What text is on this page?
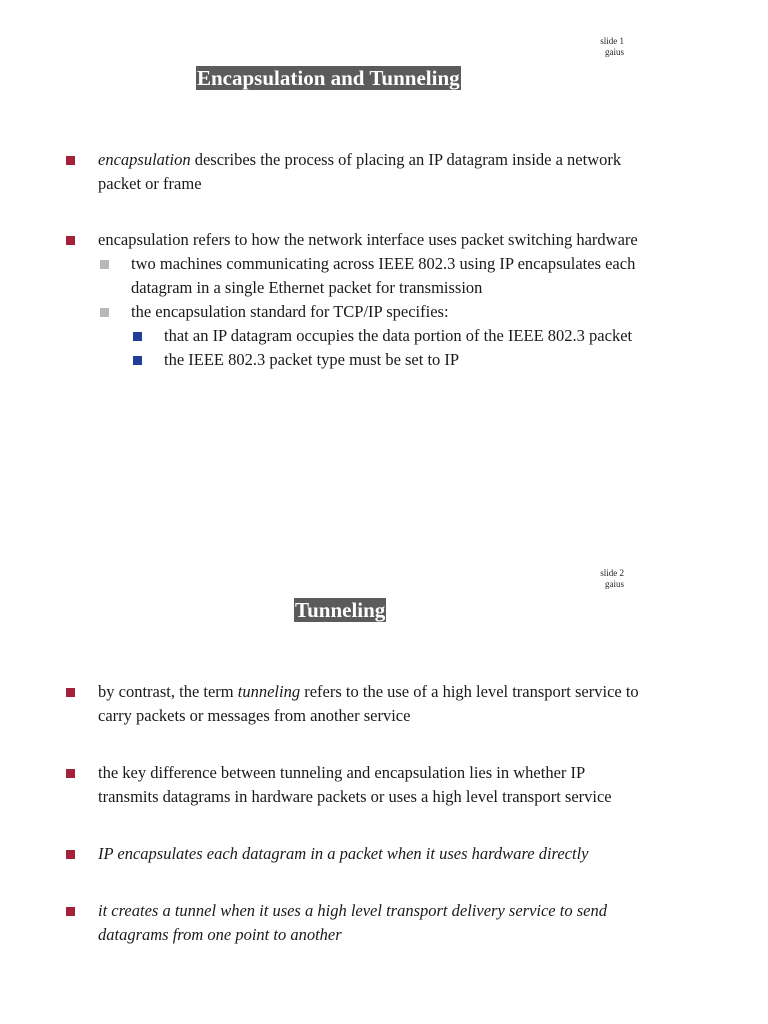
slide 1
gaius
Encapsulation and Tunneling
encapsulation describes the process of placing an IP datagram inside a network packet or frame
encapsulation refers to how the network interface uses packet switching hardware
two machines communicating across IEEE 802.3 using IP encapsulates each datagram in a single Ethernet packet for transmission
the encapsulation standard for TCP/IP specifies:
that an IP datagram occupies the data portion of the IEEE 802.3 packet
the IEEE 802.3 packet type must be set to IP
slide 2
gaius
Tunneling
by contrast, the term tunneling refers to the use of a high level transport service to carry packets or messages from another service
the key difference between tunneling and encapsulation lies in whether IP transmits datagrams in hardware packets or uses a high level transport service
IP encapsulates each datagram in a packet when it uses hardware directly
it creates a tunnel when it uses a high level transport delivery service to send datagrams from one point to another
